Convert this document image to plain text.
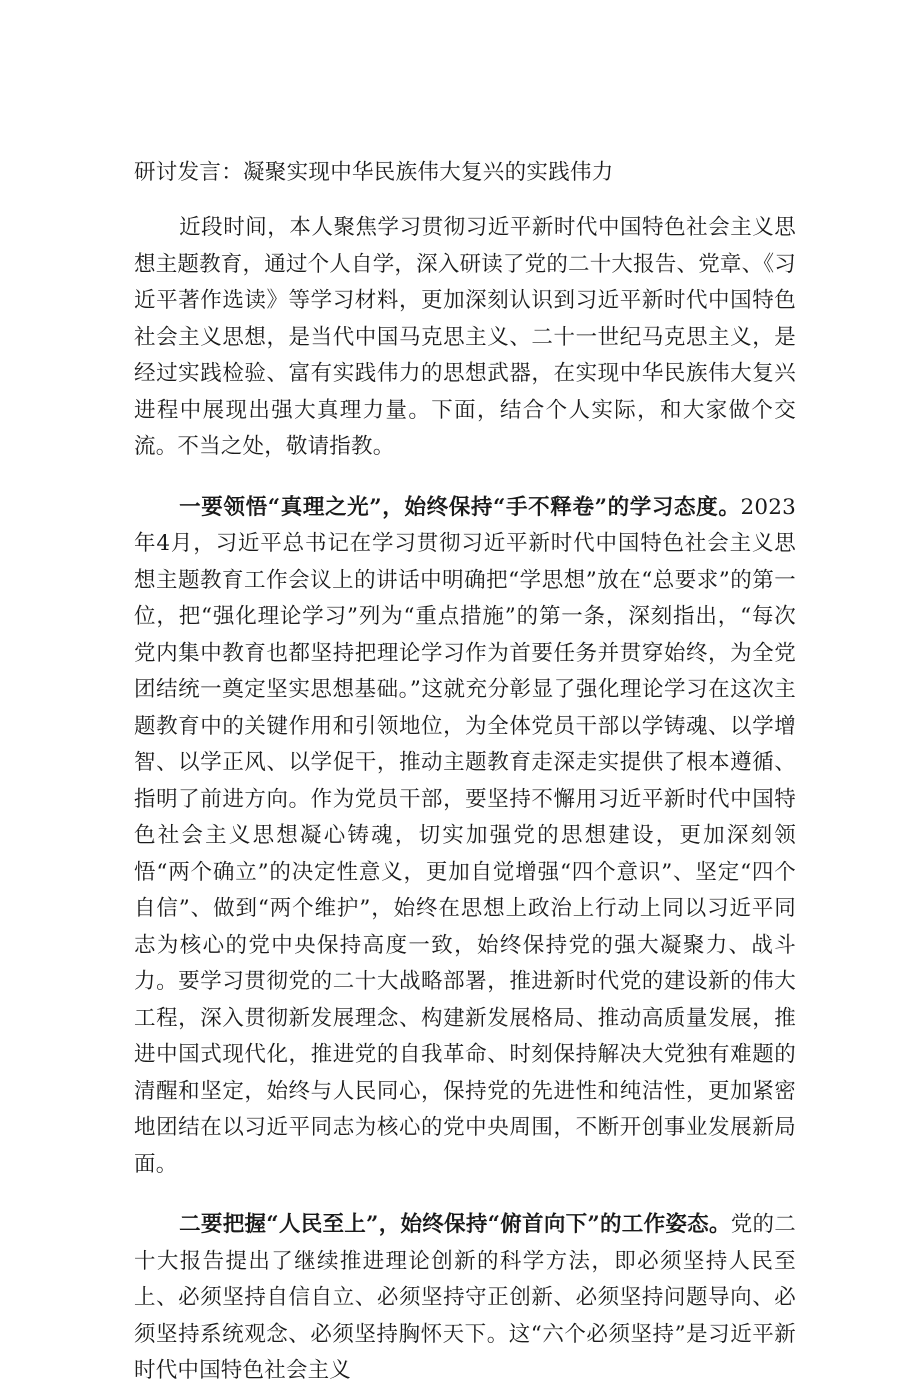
研讨发言：凝聚实现中华民族伟大复兴的实践伟力

近段时间，本人聚焦学习贯彻习近平新时代中国特色社会主义思想主题教育，通过个人自学，深入研读了党的二十大报告、党章、《习近平著作选读》等学习材料，更加深刻认识到习近平新时代中国特色社会主义思想，是当代中国马克思主义、二十一世纪马克思主义，是经过实践检验、富有实践伟力的思想武器，在实现中华民族伟大复兴进程中展现出强大真理力量。下面，结合个人实际，和大家做个交流。不当之处，敬请指教。

一要领悟“真理之光”，始终保持“手不释卷”的学习态度。2023年4月，习近平总书记在学习贯彻习近平新时代中国特色社会主义思想主题教育工作会议上的讲话中明确把“学思想”放在“总要求”的第一位，把“强化理论学习”列为“重点措施”的第一条，深刻指出，“每次党内集中教育也都坚持把理论学习作为首要任务并贯穿始终，为全党团结统一奠定坚实思想基础。”这就充分彰显了强化理论学习在这次主题教育中的关键作用和引领地位，为全体党员干部以学铸魂、以学增智、以学正风、以学促干，推动主题教育走深走实提供了根本遵循、指明了前进方向。作为党员干部，要坚持不懈用习近平新时代中国特色社会主义思想凝心铸魂，切实加强党的思想建设，更加深刻领悟“两个确立”的决定性意义，更加自觉增强“四个意识”、坚定“四个自信”、做到“两个维护”，始终在思想上政治上行动上同以习近平同志为核心的党中央保持高度一致，始终保持党的强大凝聚力、战斗力。要学习贯彻党的二十大战略部署，推进新时代党的建设新的伟大工程，深入贯彻新发展理念、构建新发展格局、推动高质量发展，推进中国式现代化，推进党的自我革命、时刻保持解决大党独有难题的清醒和坚定，始终与人民同心，保持党的先进性和纯洁性，更加紧密地团结在以习近平同志为核心的党中央周围，不断开创事业发展新局面。

二要把握“人民至上”，始终保持“俯首向下”的工作姿态。党的二十大报告提出了继续推进理论创新的科学方法，即必须坚持人民至上、必须坚持自信自立、必须坚持守正创新、必须坚持问题导向、必须坚持系统观念、必须坚持胸怀天下。这“六个必须坚持”是习近平新时代中国特色社会主义
